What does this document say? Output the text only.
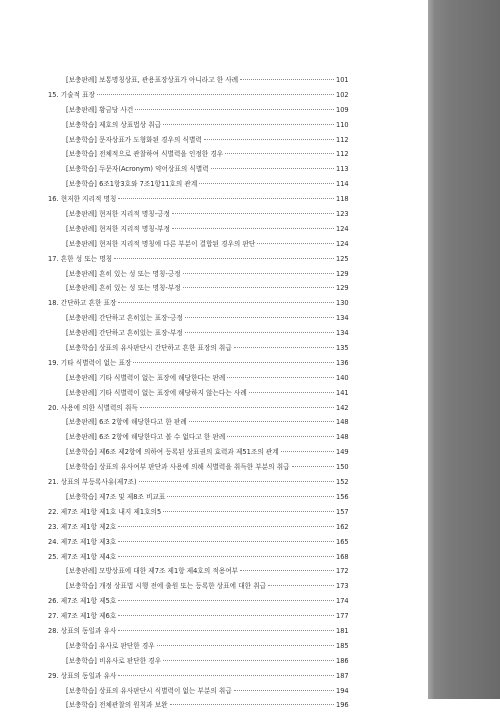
[보충판례] 보통명칭상표, 관용표장상표가 아니라고 한 사례	101
15. 기술적 표장	102
[보충판례] 황금당 사건	109
[보충학습] 제호의 상표법상 취급	110
[보충학습] 문자상표가 도형화된 경우의 식별력	112
[보충학습] 전체적으로 관찰하여 식별력을 인정한 경우	112
[보충학습] 두문자(Acronym) 약어상표의 식별력	113
[보충학습] 6조1항3호와 7조1항11호의 관계	114
16. 현저한 지리적 명칭	118
[보충판례] 현저한 지리적 명칭-긍정	123
[보충판례] 현저한 지리적 명칭-부정	124
[보충판례] 현저한 지리적 명칭에 다른 부분이 결합된 경우의 판단	124
17. 흔한 성 또는 명칭	125
[보충판례] 흔히 있는 성 또는 명칭-긍정	129
[보충판례] 흔히 있는 성 또는 명칭-부정	129
18. 간단하고 흔한 표장	130
[보충판례] 간단하고 흔히있는 표장-긍정	134
[보충판례] 간단하고 흔히있는 표장-부정	134
[보충학습] 상표의 유사판단시 간단하고 흔한 표장의 취급	135
19. 기타 식별력이 없는 표장	136
[보충판례] 기타 식별력이 없는 표장에 해당한다는 판례	140
[보충판례] 기타 식별력이 없는 표장에 해당하지 않는다는 사례	141
20. 사용에 의한 식별력의 취득	142
[보충판례] 6조 2항에 해당한다고 한 판례	148
[보충판례] 6조 2항에 해당한다고 볼 수 없다고 한 판례	148
[보충학습] 제6조 제2항에 의하여 등록된 상표권의 효력과 제51조의 관계	149
[보충학습] 상표의 유사여부 판단과 사용에 의해 식별력을 취득한 부분의 취급	150
21. 상표의 부등록사유(제7조)	152
[보충학습] 제7조 및 제8조 비교표	156
22. 제7조 제1항 제1호 내지 제1호의5	157
23. 제7조 제1항 제2호	162
24. 제7조 제1항 제3호	165
25. 제7조 제1항 제4호	168
[보충판례] 모방상표에 대한 제7조 제1항 제4호의 적용여부	172
[보충학습] 개정 상표법 시행 전에 출원 또는 등록한 상표에 대한 취급	173
26. 제7조 제1항 제5호	174
27. 제7조 제1항 제6호	177
28. 상표의 동일과 유사	181
[보충학습] 유사로 판단한 경우	185
[보충학습] 비유사로 판단한 경우	186
29. 상표의 동일과 유사	187
[보충학습] 상표의 유사판단시 식별력이 없는 부분의 취급	194
[보충학습] 전체관찰의 원칙과 보완	196
